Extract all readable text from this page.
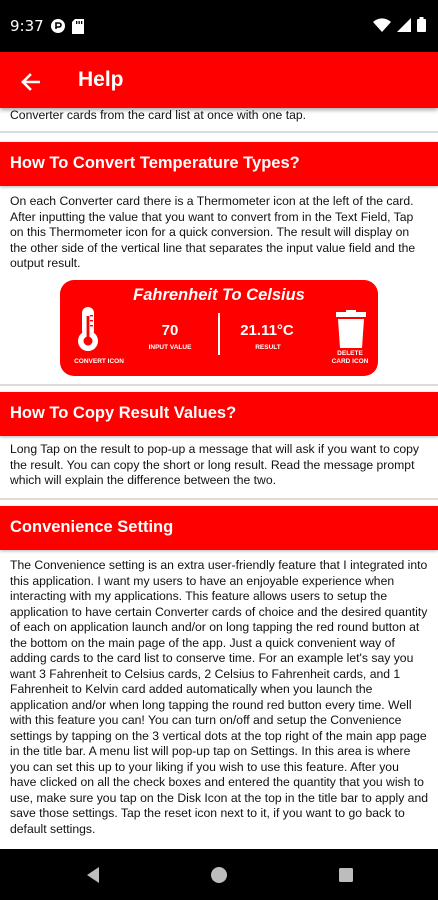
9:37
Help
Converter cards from the card list at once with one tap.
How To Convert Temperature Types?
On each Converter card there is a Thermometer icon at the left of the card. After inputting the value that you want to convert from in the Text Field, Tap on this Thermometer icon for a quick conversion. The result will display on the other side of the vertical line that separates the input value field and the output result.
Fahrenheit To Celsius
CONVERT ICON
70
INPUT VALUE
21.11°C
RESULT
DELETE
CARD ICON
How To Copy Result Values?
Long Tap on the result to pop-up a message that will ask if you want to copy the result. You can copy the short or long result. Read the message prompt which will explain the difference between the two.
Convenience Setting
The Convenience setting is an extra user-friendly feature that I integrated into this application. I want my users to have an enjoyable experience when interacting with my applications. This feature allows users to setup the application to have certain Converter cards of choice and the desired quantity of each on application launch and/or on long tapping the red round button at the bottom on the main page of the app. Just a quick convenient way of adding cards to the card list to conserve time. For an example let's say you want 3 Fahrenheit to Celsius cards, 2 Celsius to Fahrenheit cards, and 1 Fahrenheit to Kelvin card added automatically when you launch the application and/or when long tapping the round red button every time. Well with this feature you can! You can turn on/off and setup the Convenience settings by tapping on the 3 vertical dots at the top right of the main app page in the title bar. A menu list will pop-up tap on Settings. In this area is where you can set this up to your liking if you wish to use this feature. After you have clicked on all the check boxes and entered the quantity that you wish to use, make sure you tap on the Disk Icon at the top in the title bar to apply and save those settings. Tap the reset icon next to it, if you want to go back to default settings.
